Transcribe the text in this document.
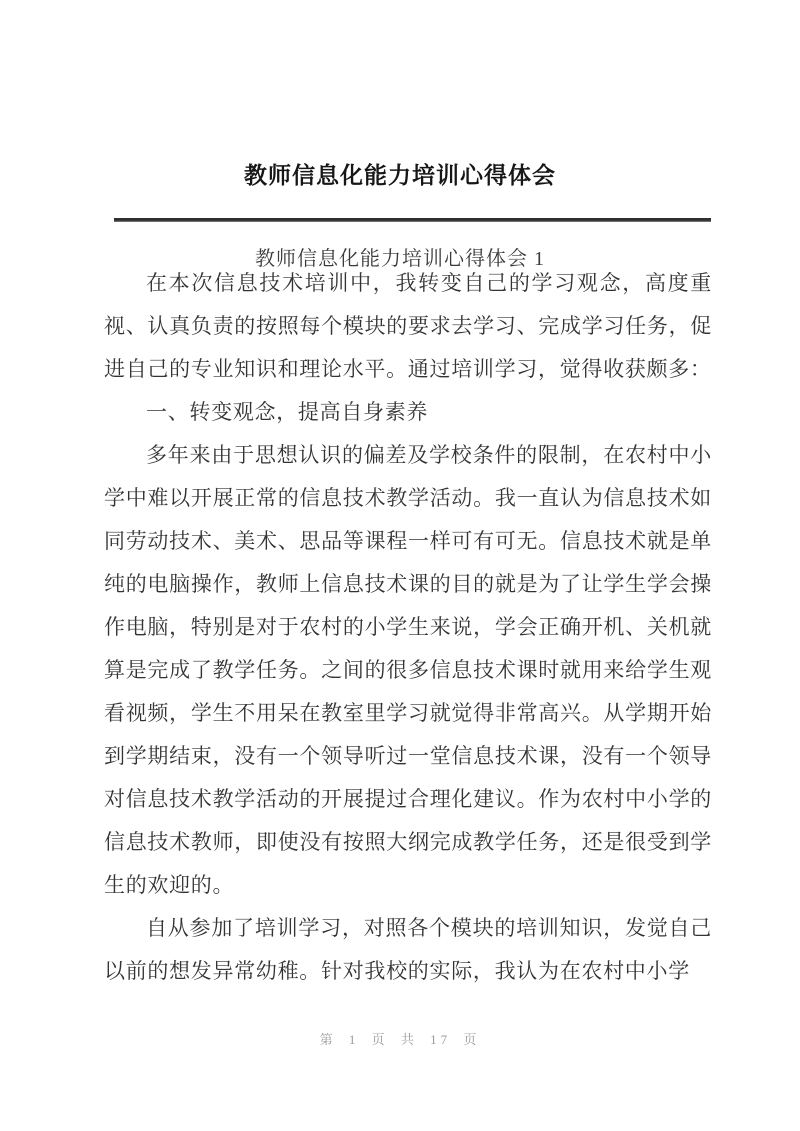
教师信息化能力培训心得体会
教师信息化能力培训心得体会 1

在本次信息技术培训中，我转变自己的学习观念，高度重视、认真负责的按照每个模块的要求去学习、完成学习任务，促进自己的专业知识和理论水平。通过培训学习，觉得收获颇多：

一、转变观念，提高自身素养

多年来由于思想认识的偏差及学校条件的限制，在农村中小学中难以开展正常的信息技术教学活动。我一直认为信息技术如同劳动技术、美术、思品等课程一样可有可无。信息技术就是单纯的电脑操作，教师上信息技术课的目的就是为了让学生学会操作电脑，特别是对于农村的小学生来说，学会正确开机、关机就算是完成了教学任务。之间的很多信息技术课时就用来给学生观看视频，学生不用呆在教室里学习就觉得非常高兴。从学期开始到学期结束，没有一个领导听过一堂信息技术课，没有一个领导对信息技术教学活动的开展提过合理化建议。作为农村中小学的信息技术教师，即使没有按照大纲完成教学任务，还是很受到学生的欢迎的。

自从参加了培训学习，对照各个模块的培训知识，发觉自己以前的想发异常幼稚。针对我校的实际，我认为在农村中小学

第 1 页 共 17 页
